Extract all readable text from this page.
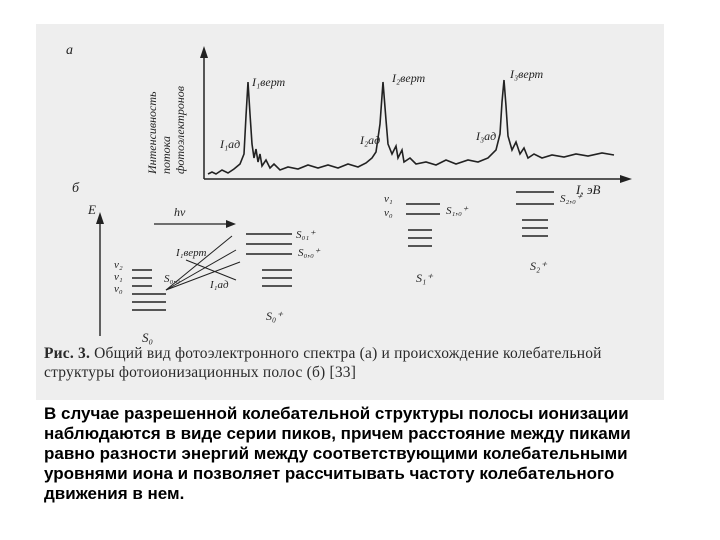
а
Интенсивность потока фотоэлектронов
I, эВ
I₁верт	I₂верт	I₃верт
I₁ад	I₂ад	I₃ад
б
E	hν
ν₂
ν₁
ν₀
S₀,₀
S₀
I₁верт
I₁ад
S₀₁⁺
S₀,₀⁺
S₀⁺
ν₁
ν₀	S₁,₀⁺
S₁⁺
S₂,₀⁺
S₂⁺
Рис. 3. Общий вид фотоэлектронного спектра (а) и происхождение колебательной структуры фотоионизационных полос (б) [33]
В случае разрешенной колебательной структуры полосы ионизации наблюдаются в виде серии пиков, причем расстояние между пиками равно разности энергий между соответствующими колебательными уровнями иона и позволяет рассчитывать частоту колебательного движения в нем.
